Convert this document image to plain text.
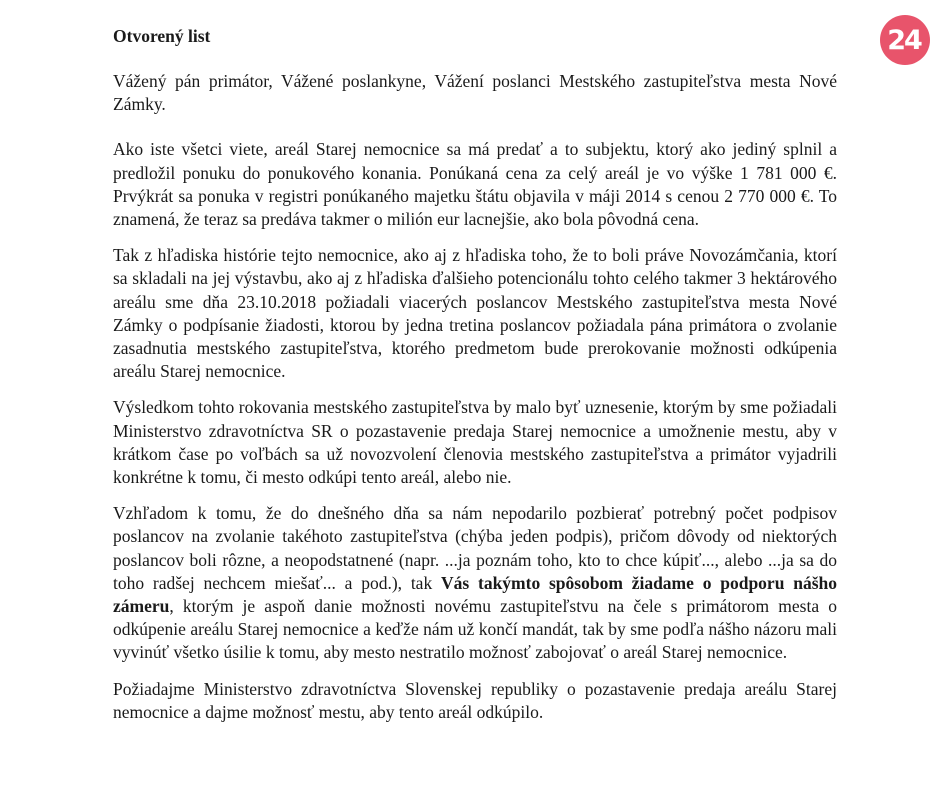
24
Otvorený list

Vážený pán primátor, Vážené poslankyne, Vážení poslanci Mestského zastupiteľstva mesta Nové Zámky.

Ako iste všetci viete, areál Starej nemocnice sa má predať a to subjektu, ktorý ako jediný splnil a predložil ponuku do ponukového konania. Ponúkaná cena za celý areál je vo výške 1 781 000 €. Prvýkrát sa ponuka v registri ponúkaného majetku štátu objavila v máji 2014 s cenou 2 770 000 €. To znamená, že teraz sa predáva takmer o milión eur lacnejšie, ako bola pôvodná cena.

Tak z hľadiska histórie tejto nemocnice, ako aj z hľadiska toho, že to boli práve Novozámčania, ktorí sa skladali na jej výstavbu, ako aj z hľadiska ďalšieho potencionálu tohto celého takmer 3 hektárového areálu sme dňa 23.10.2018 požiadali viacerých poslancov Mestského zastupiteľstva mesta Nové Zámky o podpísanie žiadosti, ktorou by jedna tretina poslancov požiadala pána primátora o zvolanie zasadnutia mestského zastupiteľstva, ktorého predmetom bude prerokovanie možnosti odkúpenia areálu Starej nemocnice.

Výsledkom tohto rokovania mestského zastupiteľstva by malo byť uznesenie, ktorým by sme požiadali Ministerstvo zdravotníctva SR o pozastavenie predaja Starej nemocnice a umožnenie mestu, aby v krátkom čase po voľbách sa už novozvolení členovia mestského zastupiteľstva a primátor vyjadrili konkrétne k tomu, či mesto odkúpi tento areál, alebo nie.

Vzhľadom k tomu, že do dnešného dňa sa nám nepodarilo pozbierať potrebný počet podpisov poslancov na zvolanie takéhoto zastupiteľstva (chýba jeden podpis), pričom dôvody od niektorých poslancov boli rôzne, a neopodstatnené (napr. ...ja poznám toho, kto to chce kúpiť..., alebo ...ja sa do toho radšej nechcem miešať... a pod.), tak Vás takýmto spôsobom žiadame o podporu nášho zámeru, ktorým je aspoň danie možnosti novému zastupiteľstvu na čele s primátorom mesta o odkúpenie areálu Starej nemocnice a keďže nám už končí mandát, tak by sme podľa nášho názoru mali vyvinúť všetko úsilie k tomu, aby mesto nestratilo možnosť zabojovať o areál Starej nemocnice.

Požiadajme Ministerstvo zdravotníctva Slovenskej republiky o pozastavenie predaja areálu Starej nemocnice a dajme možnosť mestu, aby tento areál odkúpilo.
